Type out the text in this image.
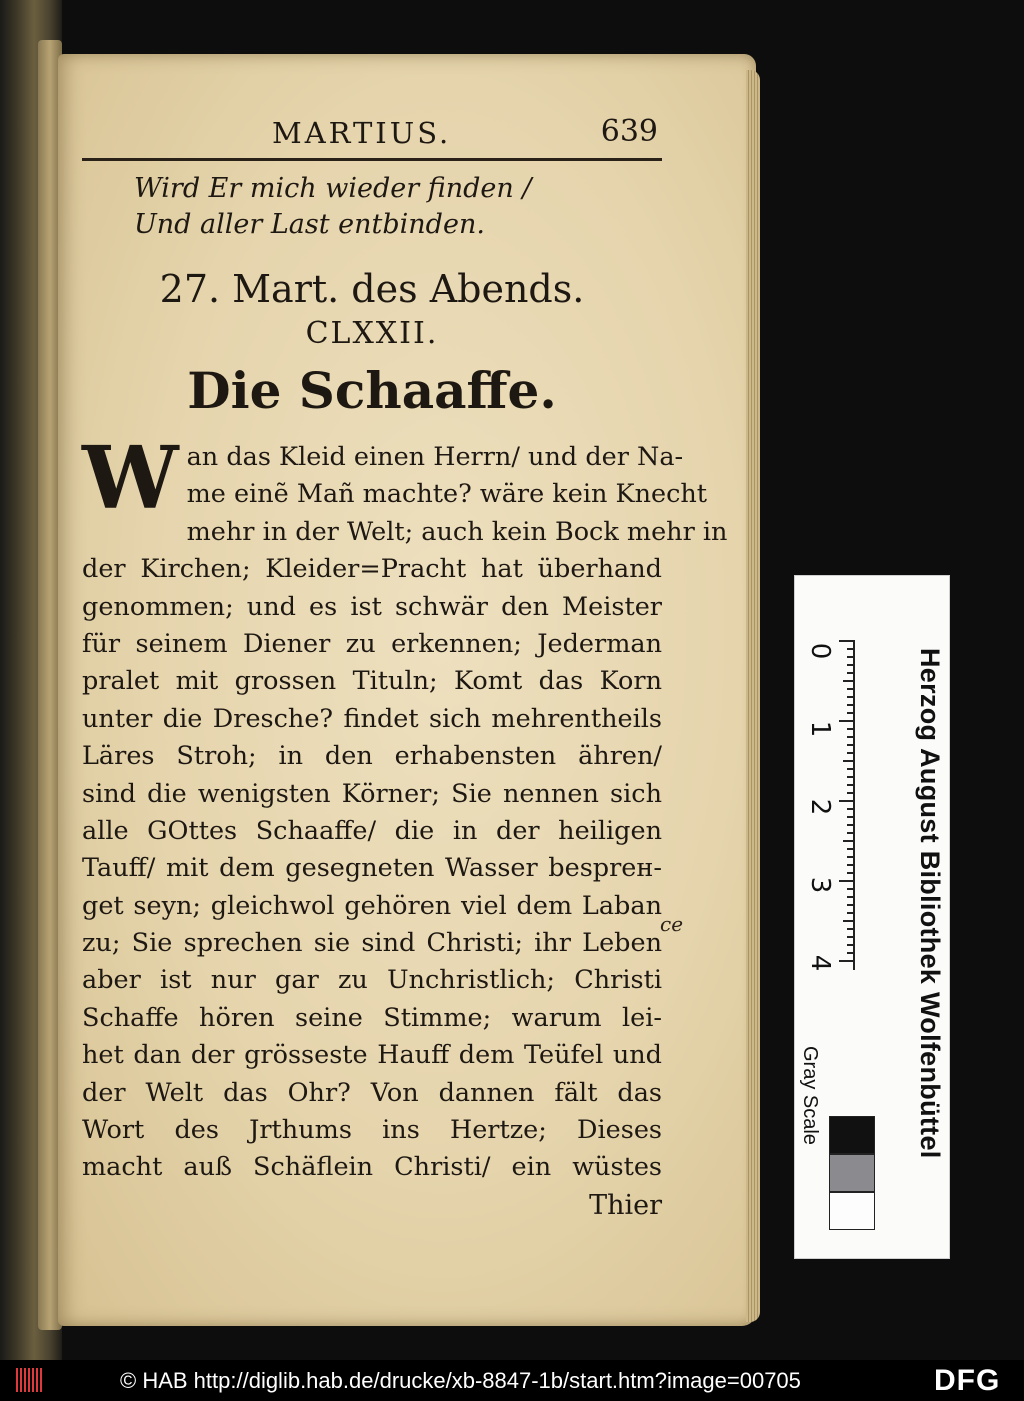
MARTIUS.	639
Wird Er mich wieder finden /
Und aller Last entbinden.
27. Mart. des Abends.
CLXXII.
Die Schaaffe.
W an das Kleid einen Herrn/ und der Na-
me einẽ Mañ machte? wäre kein Knecht
mehr in der Welt; auch kein Bock mehr in
der Kirchen; Kleider=Pracht hat überhand
genommen; und es ist schwär den Meister
für seinem Diener zu erkennen; Jederman
pralet mit grossen Tituln; Komt das Korn
unter die Dresche? findet sich mehrentheils
Läres Stroh; in den erhabensten ähren/
sind die wenigsten Körner; Sie nennen sich
alle GOttes Schaaffe/ die in der heiligen
Tauff/ mit dem gesegneten Wasser besprен-
get seyn; gleichwol gehören viel dem Laban
zu; Sie sprechen sie sind Christi; ihr Leben
aber ist nur gar zu Unchristlich; Christi
Schaffe hören seine Stimme; warum lei-
het dan der grösseste Hauff dem Teüfel und
der Welt das Ohr? Von dannen fält das
Wort des Jrthums ins Hertze; Dieses
macht auß Schäflein Christi/ ein wüstes
Thier
ce
0
1
2
3
4
Gray Scale	Herzog August Bibliothek Wolfenbüttel
© HAB http://diglib.hab.de/drucke/xb-8847-1b/start.htm?image=00705	DFG
